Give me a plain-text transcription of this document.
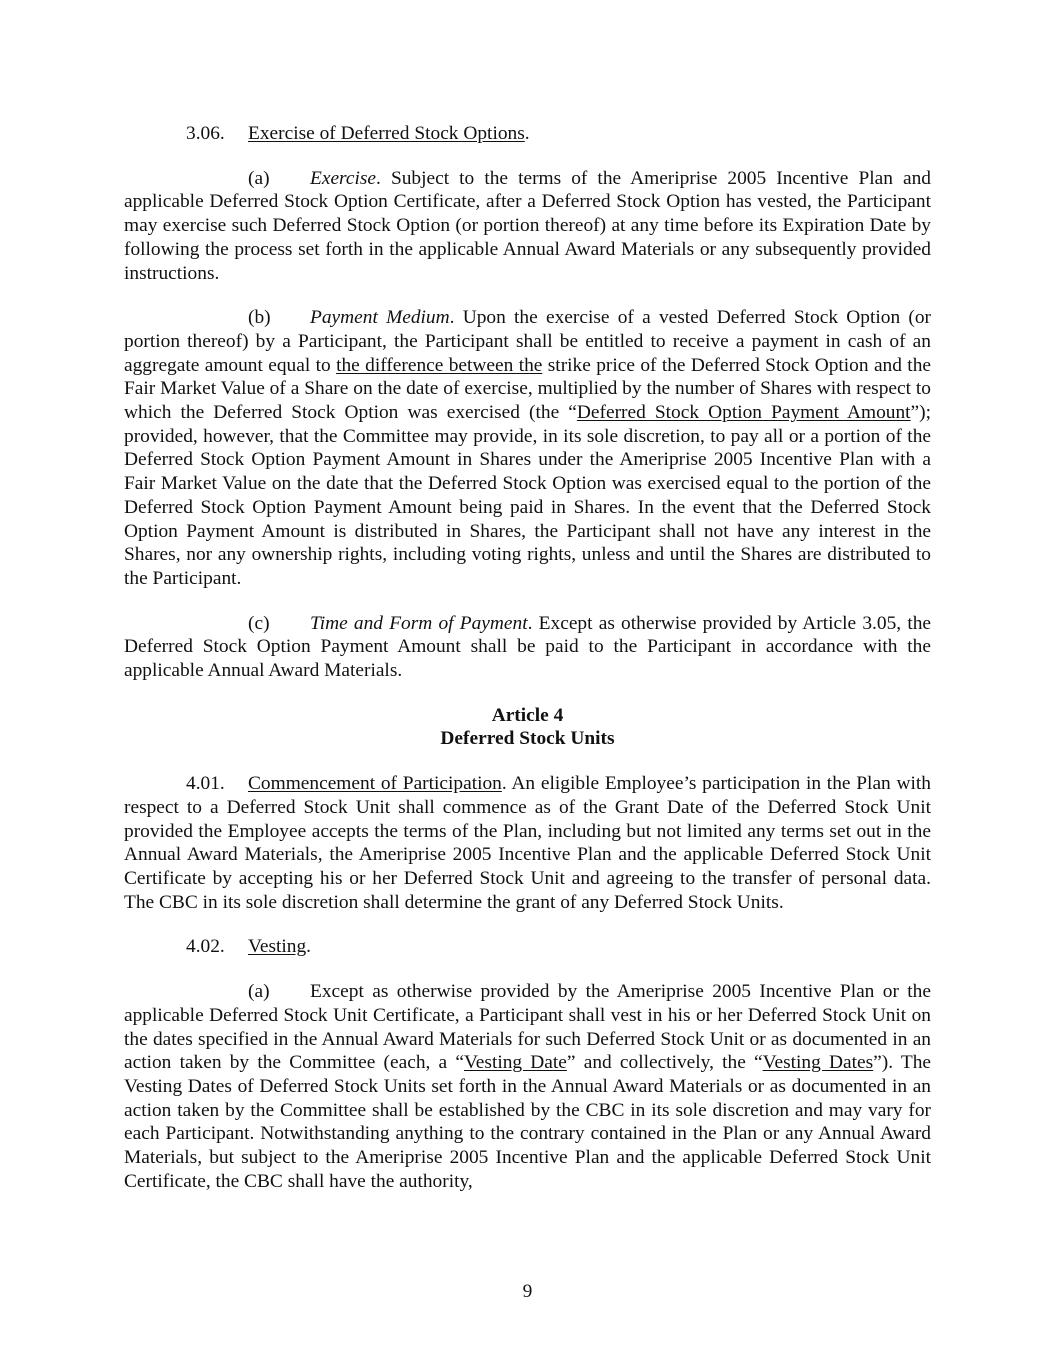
3.06. Exercise of Deferred Stock Options.

(a) Exercise. Subject to the terms of the Ameriprise 2005 Incentive Plan and applicable Deferred Stock Option Certificate, after a Deferred Stock Option has vested, the Participant may exercise such Deferred Stock Option (or portion thereof) at any time before its Expiration Date by following the process set forth in the applicable Annual Award Materials or any subsequently provided instructions.

(b) Payment Medium. Upon the exercise of a vested Deferred Stock Option (or portion thereof) by a Participant, the Participant shall be entitled to receive a payment in cash of an aggregate amount equal to the difference between the strike price of the Deferred Stock Option and the Fair Market Value of a Share on the date of exercise, multiplied by the number of Shares with respect to which the Deferred Stock Option was exercised (the “Deferred Stock Option Payment Amount”); provided, however, that the Committee may provide, in its sole discretion, to pay all or a portion of the Deferred Stock Option Payment Amount in Shares under the Ameriprise 2005 Incentive Plan with a Fair Market Value on the date that the Deferred Stock Option was exercised equal to the portion of the Deferred Stock Option Payment Amount being paid in Shares. In the event that the Deferred Stock Option Payment Amount is distributed in Shares, the Participant shall not have any interest in the Shares, nor any ownership rights, including voting rights, unless and until the Shares are distributed to the Participant.

(c) Time and Form of Payment. Except as otherwise provided by Article 3.05, the Deferred Stock Option Payment Amount shall be paid to the Participant in accordance with the applicable Annual Award Materials.

Article 4
Deferred Stock Units

4.01. Commencement of Participation. An eligible Employee’s participation in the Plan with respect to a Deferred Stock Unit shall commence as of the Grant Date of the Deferred Stock Unit provided the Employee accepts the terms of the Plan, including but not limited any terms set out in the Annual Award Materials, the Ameriprise 2005 Incentive Plan and the applicable Deferred Stock Unit Certificate by accepting his or her Deferred Stock Unit and agreeing to the transfer of personal data. The CBC in its sole discretion shall determine the grant of any Deferred Stock Units.

4.02. Vesting.

(a) Except as otherwise provided by the Ameriprise 2005 Incentive Plan or the applicable Deferred Stock Unit Certificate, a Participant shall vest in his or her Deferred Stock Unit on the dates specified in the Annual Award Materials for such Deferred Stock Unit or as documented in an action taken by the Committee (each, a “Vesting Date” and collectively, the “Vesting Dates”). The Vesting Dates of Deferred Stock Units set forth in the Annual Award Materials or as documented in an action taken by the Committee shall be established by the CBC in its sole discretion and may vary for each Participant. Notwithstanding anything to the contrary contained in the Plan or any Annual Award Materials, but subject to the Ameriprise 2005 Incentive Plan and the applicable Deferred Stock Unit Certificate, the CBC shall have the authority,

9
